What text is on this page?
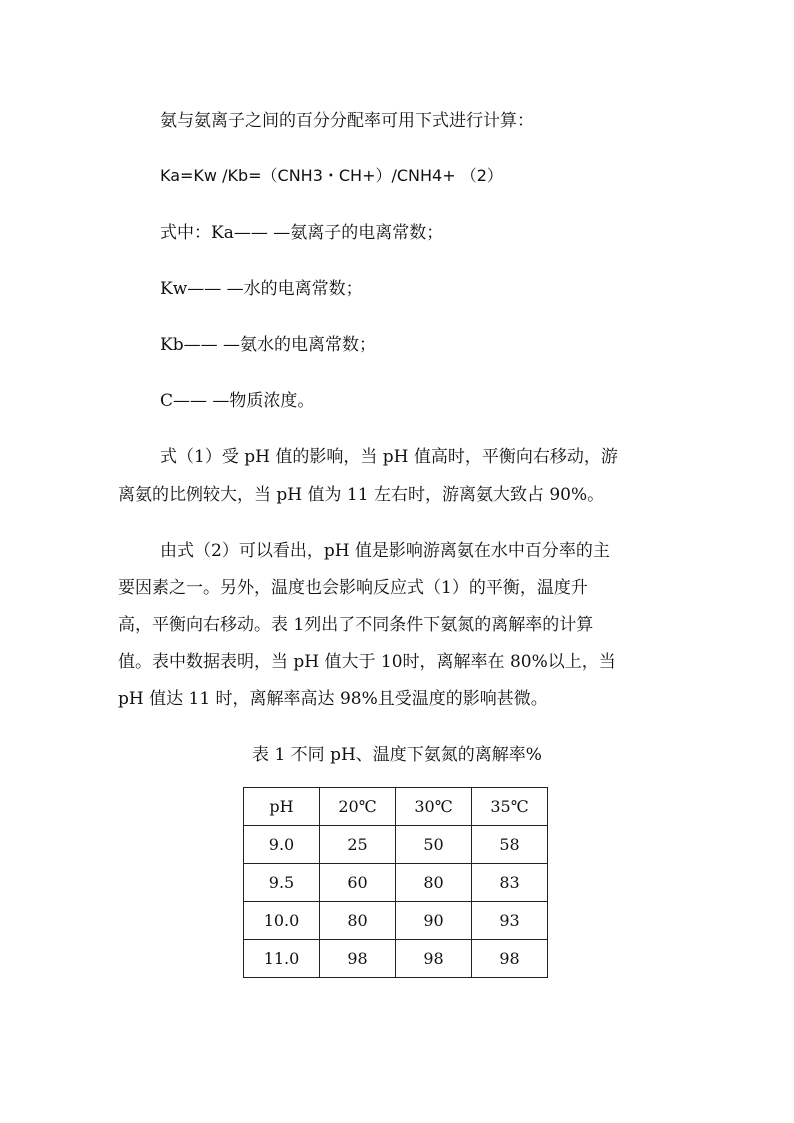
氨与氨离子之间的百分分配率可用下式进行计算：
Ka=Kw /Kb=（CNH3・CH+）/CNH4+ （2）
式中：Ka—— —氨离子的电离常数；
Kw—— —水的电离常数；
Kb—— —氨水的电离常数；
C—— —物质浓度。
式（1）受 pH 值的影响，当 pH 值高时，平衡向右移动，游
离氨的比例较大，当 pH 值为 11 左右时，游离氨大致占 90%。
由式（2）可以看出，pH 值是影响游离氨在水中百分率的主
要因素之一。另外，温度也会影响反应式（1）的平衡，温度升
高，平衡向右移动。表 1列出了不同条件下氨氮的离解率的计算
值。表中数据表明，当 pH 值大于 10时，离解率在 80%以上，当
pH 值达 11 时，离解率高达 98%且受温度的影响甚微。
表 1 不同 pH、温度下氨氮的离解率%
pH	20℃	30℃	35℃
9.0	25	50	58
9.5	60	80	83
10.0	80	90	93
11.0	98	98	98
